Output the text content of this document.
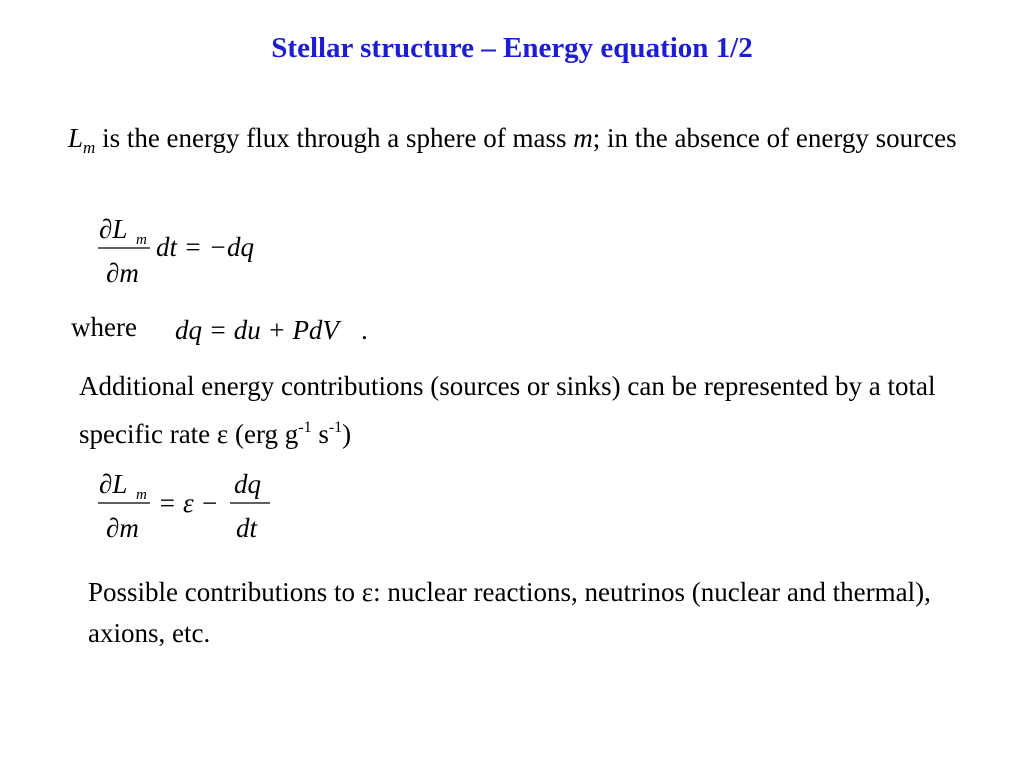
Stellar structure – Energy equation 1/2
$L_m$ is the energy flux through a sphere of mass m; in the absence of energy sources
∂L m
∂m
dt = −dq
where dq = du + PdV .
Additional energy contributions (sources or sinks) can be represented by a total specific rate ε (erg $g^{-1}$ $s^{-1}$)
∂L m
∂m
= ε −
dq
dt
Possible contributions to ε: nuclear reactions, neutrinos (nuclear and thermal), axions, etc.
